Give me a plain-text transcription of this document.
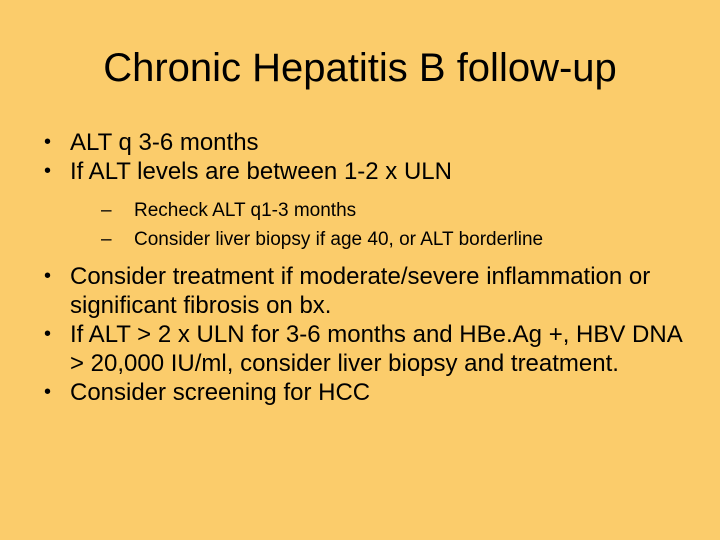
Chronic Hepatitis B follow-up
• ALT q 3-6 months
• If ALT levels are between 1-2 x ULN
– Recheck ALT q1-3 months
– Consider liver biopsy if age 40, or ALT borderline
• Consider treatment if moderate/severe inflammation or significant fibrosis on bx.
• If ALT > 2 x ULN for 3-6 months and HBe.Ag +, HBV DNA > 20,000 IU/ml, consider liver biopsy and treatment.
• Consider screening for HCC
